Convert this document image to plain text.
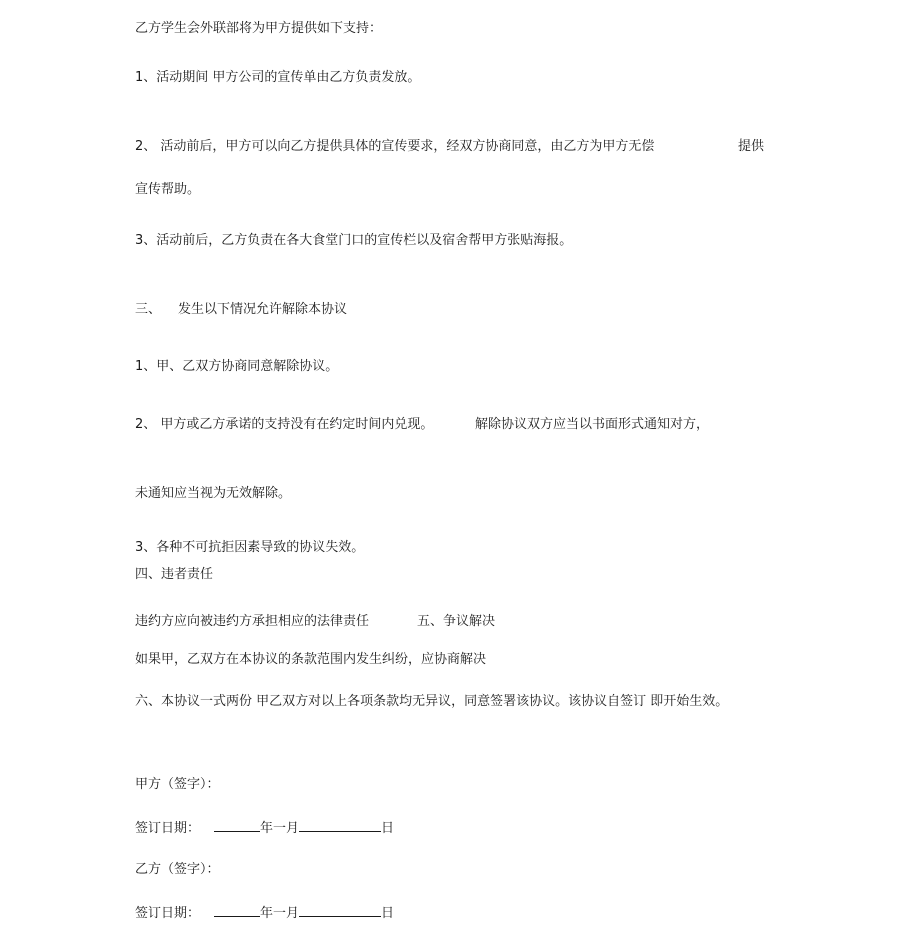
乙方学生会外联部将为甲方提供如下支持：
1、活动期间 甲方公司的宣传单由乙方负责发放。
2、 活动前后，甲方可以向乙方提供具体的宣传要求，经双方协商同意，由乙方为甲方无偿	提供
宣传帮助。
3、活动前后，乙方负责在各大食堂门口的宣传栏以及宿舍帮甲方张贴海报。
三、 发生以下情况允许解除本协议
1、甲、乙双方协商同意解除协议。
2、 甲方或乙方承诺的支持没有在约定时间内兑现。	解除协议双方应当以书面形式通知对方，
未通知应当视为无效解除。
3、各种不可抗拒因素导致的协议失效。
四、违者责任
违约方应向被违约方承担相应的法律责任	五、争议解决
如果甲，乙双方在本协议的条款范围内发生纠纷，应协商解决
六、本协议一式两份 甲乙双方对以上各项条款均无异议，同意签署该协议。该协议自签订 即开始生效。
甲方（签字）：
签订日期：	年一月	日
乙方（签字）：
签订日期：	年一月	日
